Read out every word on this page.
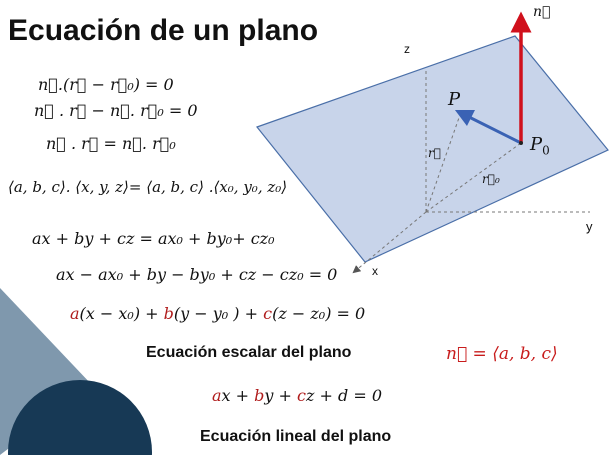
Ecuación de un plano
n⃗.(r⃗ − r⃗₀) = 0
n⃗ . r⃗ − n⃗. r⃗₀ = 0
n⃗ . r⃗ = n⃗. r⃗₀
⟨a, b, c⟩. ⟨x, y, z⟩= ⟨a, b, c⟩ .⟨x₀, y₀, z₀⟩
ax + by + cz = ax₀ + by₀+ cz₀
ax − ax₀ + by − by₀ + cz − cz₀ = 0
a(x − x₀) + b(y − y₀ ) + c(z − z₀) = 0
Ecuación escalar del plano	n⃗ = ⟨a, b, c⟩
ax + by + cz + d = 0
Ecuación lineal del plano
z
y
x
P
$P_0$
n⃗
r⃗
r⃗₀
